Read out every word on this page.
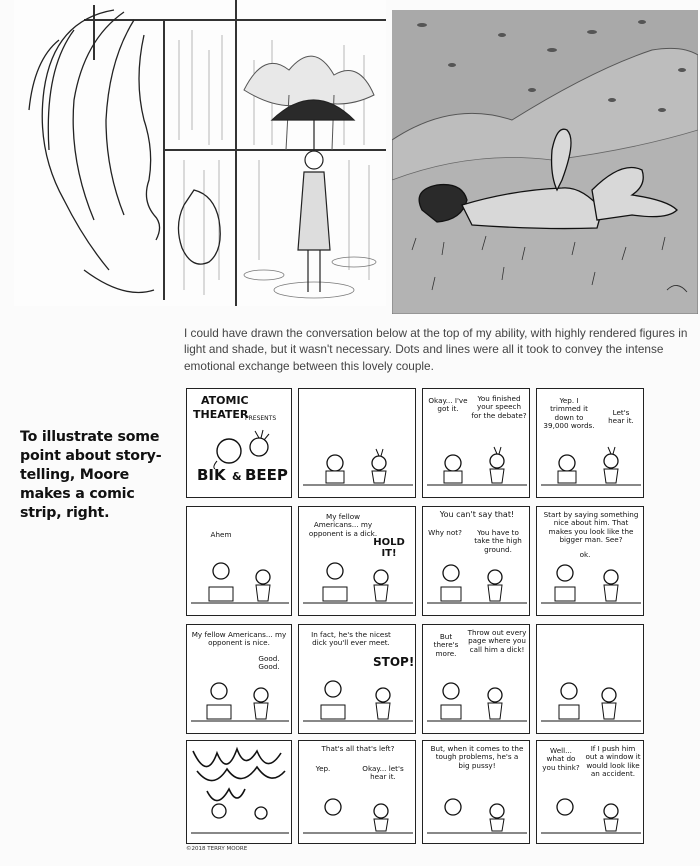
I could have drawn the conversation below at the top of my ability, with highly rendered figures in light and shade, but it wasn't necessary. Dots and lines were all it took to convey the intense emotional exchange between this lovely couple.

To illustrate some point about story-telling, Moore makes a comic strip, right.
ATOMIC
THEATER
PRESENTS
BIK & BEEP
Okay... I've got it.
You finished your speech for the debate?
Yep. I trimmed it down to 39,000 words.
Let's hear it.
Ahem
My fellow Americans... my opponent is a dick.
HOLD IT!
You can't say that!
Why not?	You have to take the high ground.
Start by saying something nice about him. That makes you look like the bigger man. See?
ok.
My fellow Americans... my opponent is nice.
Good. Good.
In fact, he's the nicest dick you'll ever meet.
STOP!
But there's more.
Throw out every page where you call him a dick!
That's all that's left?
Yep.	Okay... let's hear it.
But, when it comes to the tough problems, he's a big pussy!
Well... what do you think?
If I push him out a window it would look like an accident.
©2018 TERRY MOORE
